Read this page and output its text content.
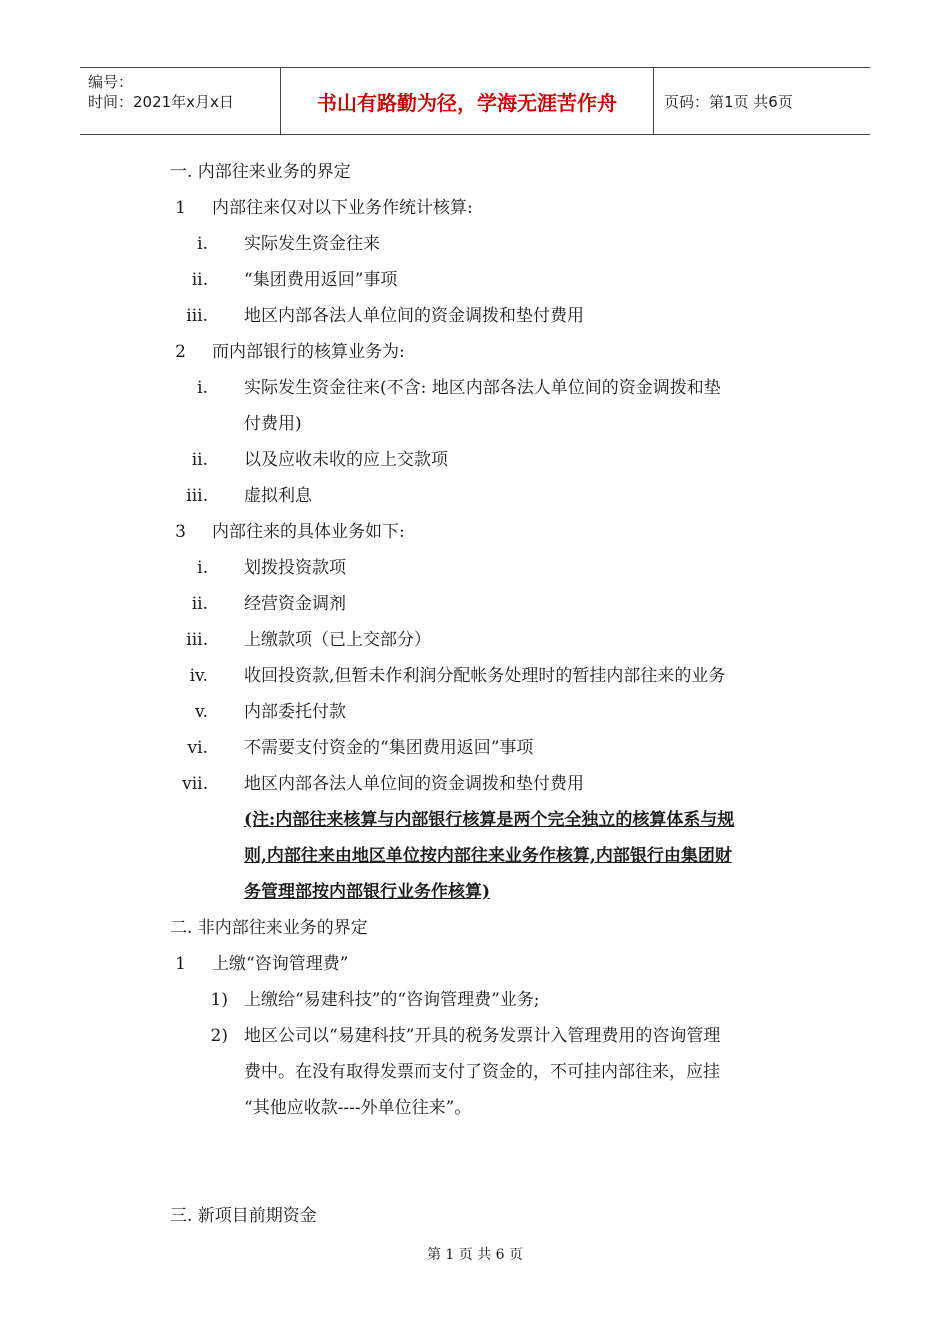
编号：
时间：2021年x月x日	书山有路勤为径，学海无涯苦作舟	页码：第1页 共6页
一. 内部往来业务的界定
1 内部往来仅对以下业务作统计核算:
i. 实际发生资金往来
ii. “集团费用返回”事项
iii. 地区内部各法人单位间的资金调拨和垫付费用
2 而内部银行的核算业务为:
i. 实际发生资金往来(不含: 地区内部各法人单位间的资金调拨和垫
付费用)
ii. 以及应收未收的应上交款项
iii. 虚拟利息
3 内部往来的具体业务如下:
i. 划拨投资款项
ii. 经营资金调剂
iii. 上缴款项（已上交部分）
iv. 收回投资款,但暂未作利润分配帐务处理时的暂挂内部往来的业务
v. 内部委托付款
vi. 不需要支付资金的“集团费用返回”事项
vii. 地区内部各法人单位间的资金调拨和垫付费用
(注:内部往来核算与内部银行核算是两个完全独立的核算体系与规
则,内部往来由地区单位按内部往来业务作核算,内部银行由集团财
务管理部按内部银行业务作核算)
二. 非内部往来业务的界定
1 上缴“咨询管理费”
1) 上缴给“易建科技”的“咨询管理费”业务;
2) 地区公司以“易建科技”开具的税务发票计入管理费用的咨询管理
费中。在没有取得发票而支付了资金的，不可挂内部往来，应挂
“其他应收款----外单位往来”。
三. 新项目前期资金
第 1 页 共 6 页
